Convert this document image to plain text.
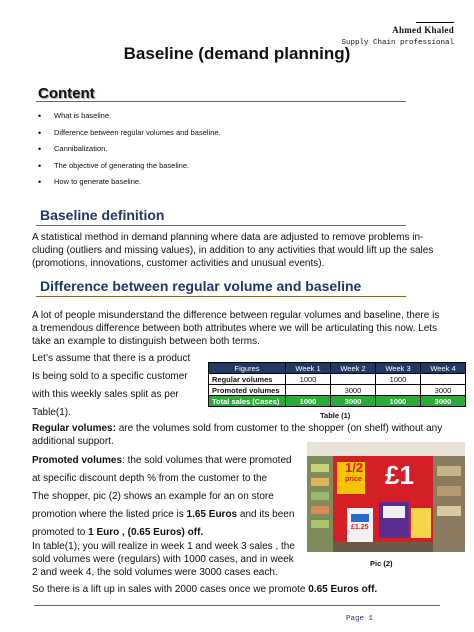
Ahmed Khaled
Supply Chain professional
Baseline (demand planning)
Content
• What is baseline.
• Difference between regular volumes and baseline.
• Cannibalization.
• The objective of generating the baseline.
• How to generate baseline.
Baseline definition
A statistical method in demand planning where data are adjusted to remove problems in-
cluding (outliers and missing values), in addition to any activities that would lift up the sales
(promotions, innovations, customer activities and unusual events).
Difference between regular volume and baseline
A lot of people misunderstand the difference between regular volumes and baseline, there is
a tremendous difference between both attributes where we will be articulating this now. Lets
take an example to distinguish between both terms.
Let’s assume that there is a product
Is being sold to a specific customer
with this weekly sales split as per
Table(1).
Figures	Week 1	Week 2	Week 3	Week 4
Regular volumes	1000		1000	
Promoted volumes		3000		3000
Total sales (Cases)	1000	3000	1000	3000
Table (1)
Regular volumes: are the volumes sold from customer to the shopper (on shelf) without any
additional support.
Promoted volumes: the sold volumes that were promoted
at specific discount depth % from the customer to the
The shopper, pic (2) shows an example for an on store
promotion where the listed price is 1.65 Euros and its been
promoted to 1 Euro , (0.65 Euros) off.
1/2
price £1
£1.25
Pic (2)
In table(1), you will realize in week 1 and week 3 sales , the
sold volumes were (regulars) with 1000 cases, and in week
2 and week 4, the sold volumes were 3000 cases each.
So there is a lift up in sales with 2000 cases once we promote 0.65 Euros off.
Page 1
